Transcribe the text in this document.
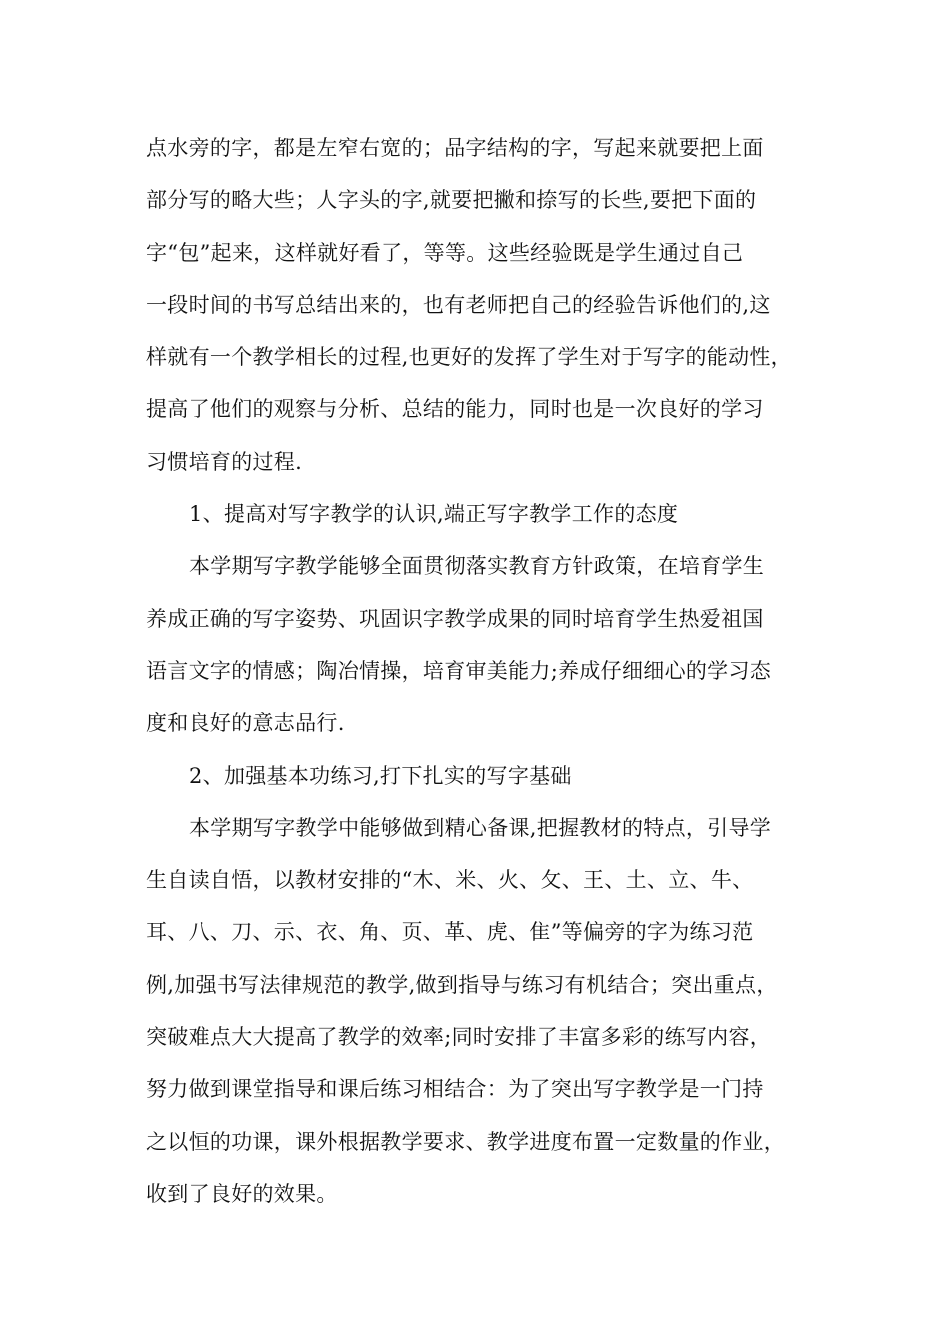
点水旁的字，都是左窄右宽的；品字结构的字，写起来就要把上面
部分写的略大些；人字头的字,就要把撇和捺写的长些,要把下面的
字“包”起来，这样就好看了，等等。这些经验既是学生通过自己
一段时间的书写总结出来的，也有老师把自己的经验告诉他们的,这
样就有一个教学相长的过程,也更好的发挥了学生对于写字的能动性，
提高了他们的观察与分析、总结的能力，同时也是一次良好的学习
习惯培育的过程.
1、提高对写字教学的认识,端正写字教学工作的态度
本学期写字教学能够全面贯彻落实教育方针政策，在培育学生
养成正确的写字姿势、巩固识字教学成果的同时培育学生热爱祖国
语言文字的情感；陶冶情操，培育审美能力;养成仔细细心的学习态
度和良好的意志品行.
2、加强基本功练习,打下扎实的写字基础
本学期写字教学中能够做到精心备课,把握教材的特点，引导学
生自读自悟，以教材安排的“木、米、火、攵、王、土、立、牛、
耳、八、刀、示、衣、角、页、革、虎、隹”等偏旁的字为练习范
例,加强书写法律规范的教学,做到指导与练习有机结合；突出重点，
突破难点大大提高了教学的效率;同时安排了丰富多彩的练写内容，
努力做到课堂指导和课后练习相结合：为了突出写字教学是一门持
之以恒的功课，课外根据教学要求、教学进度布置一定数量的作业，
收到了良好的效果。
